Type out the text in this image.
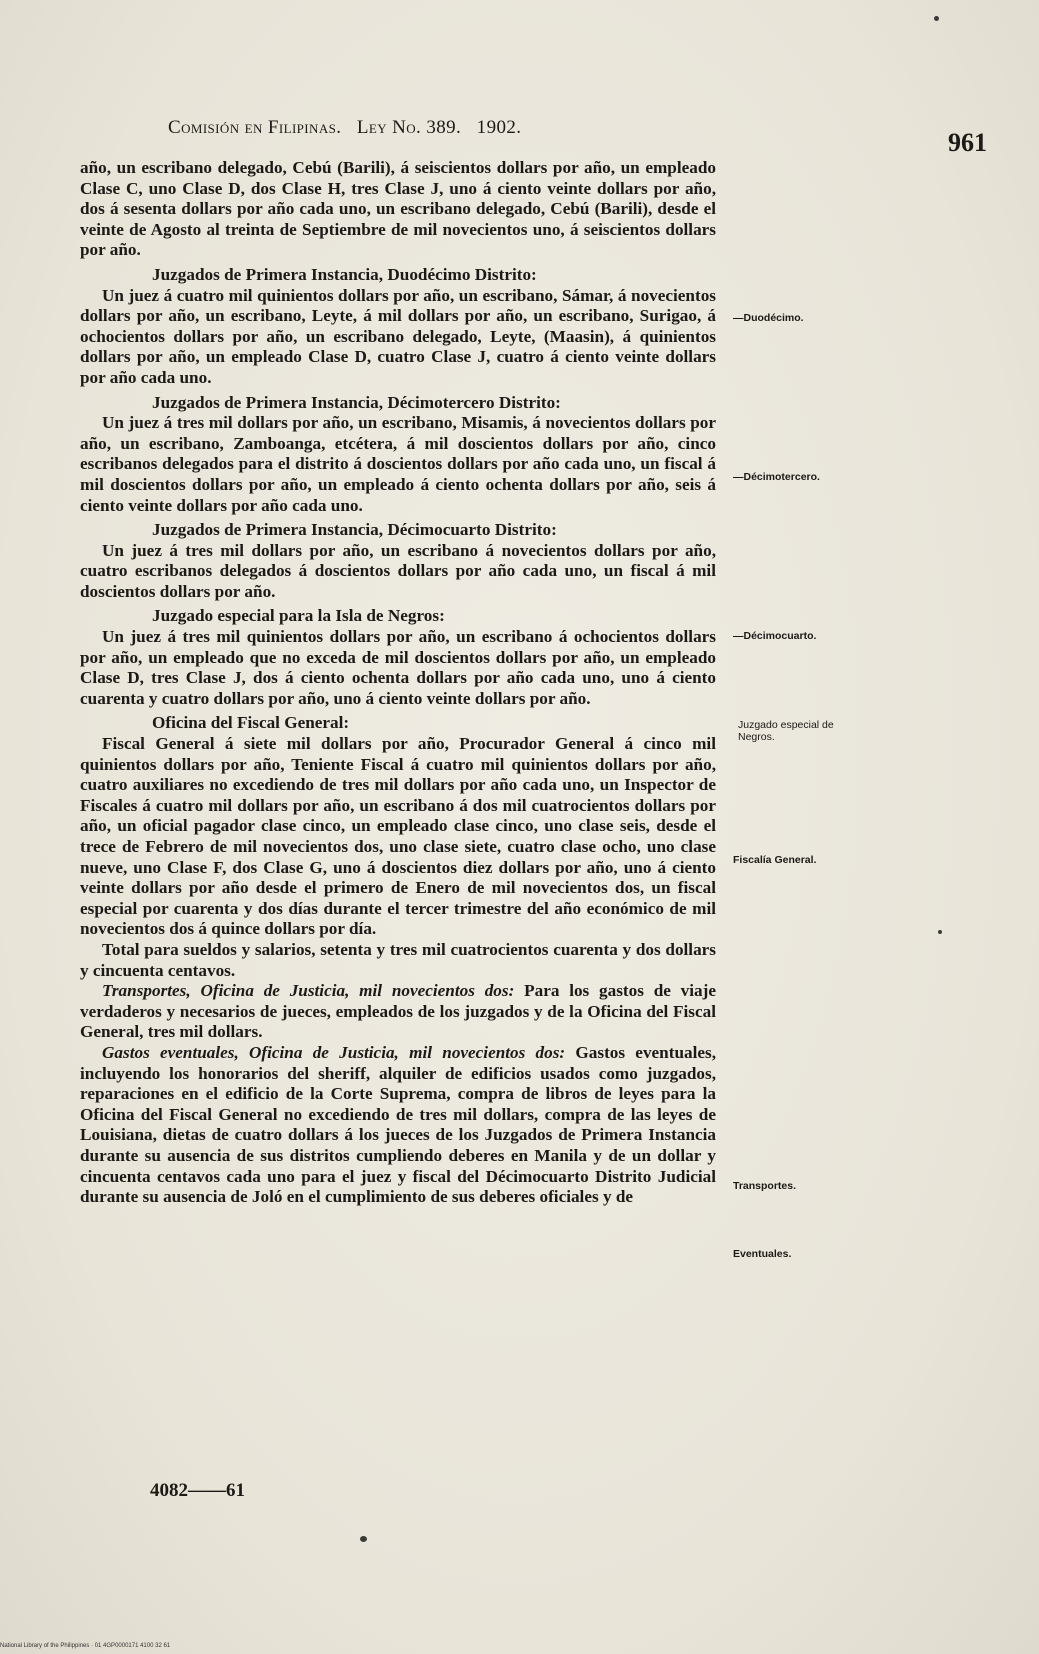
Comisión en Filipinas. Ley No. 389. 1902.
961

año, un escribano delegado, Cebú (Barili), á seiscientos dollars por año, un empleado Clase C, uno Clase D, dos Clase H, tres Clase J, uno á ciento veinte dollars por año, dos á sesenta dollars por año cada uno, un escribano delegado, Cebú (Barili), desde el veinte de Agosto al treinta de Septiembre de mil novecientos uno, á seiscientos dollars por año.

Juzgados de Primera Instancia, Duodécimo Distrito:

Un juez á cuatro mil quinientos dollars por año, un escribano, Sámar, á novecientos dollars por año, un escribano, Leyte, á mil dollars por año, un escribano, Surigao, á ochocientos dollars por año, un escribano delegado, Leyte, (Maasin), á quinientos dollars por año, un empleado Clase D, cuatro Clase J, cuatro á ciento veinte dollars por año cada uno.

Juzgados de Primera Instancia, Décimotercero Distrito:

Un juez á tres mil dollars por año, un escribano, Misamis, á novecientos dollars por año, un escribano, Zamboanga, etcétera, á mil doscientos dollars por año, cinco escribanos delegados para el distrito á doscientos dollars por año cada uno, un fiscal á mil doscientos dollars por año, un empleado á ciento ochenta dollars por año, seis á ciento veinte dollars por año cada uno.

Juzgados de Primera Instancia, Décimocuarto Distrito:

Un juez á tres mil dollars por año, un escribano á novecientos dollars por año, cuatro escribanos delegados á doscientos dollars por año cada uno, un fiscal á mil doscientos dollars por año.

Juzgado especial para la Isla de Negros:

Un juez á tres mil quinientos dollars por año, un escribano á ochocientos dollars por año, un empleado que no exceda de mil doscientos dollars por año, un empleado Clase D, tres Clase J, dos á ciento ochenta dollars por año cada uno, uno á ciento cuarenta y cuatro dollars por año, uno á ciento veinte dollars por año.

Oficina del Fiscal General:

Fiscal General á siete mil dollars por año, Procurador General á cinco mil quinientos dollars por año, Teniente Fiscal á cuatro mil quinientos dollars por año, cuatro auxiliares no excediendo de tres mil dollars por año cada uno, un Inspector de Fiscales á cuatro mil dollars por año, un escribano á dos mil cuatrocientos dollars por año, un oficial pagador clase cinco, un empleado clase cinco, uno clase seis, desde el trece de Febrero de mil novecientos dos, uno clase siete, cuatro clase ocho, uno clase nueve, uno Clase F, dos Clase G, uno á doscientos diez dollars por año, uno á ciento veinte dollars por año desde el primero de Enero de mil novecientos dos, un fiscal especial por cuarenta y dos días durante el tercer trimestre del año económico de mil novecientos dos á quince dollars por día.

Total para sueldos y salarios, setenta y tres mil cuatrocientos cuarenta y dos dollars y cincuenta centavos.

Transportes, Oficina de Justicia, mil novecientos dos: Para los gastos de viaje verdaderos y necesarios de jueces, empleados de los juzgados y de la Oficina del Fiscal General, tres mil dollars.

Gastos eventuales, Oficina de Justicia, mil novecientos dos: Gastos eventuales, incluyendo los honorarios del sheriff, alquiler de edificios usados como juzgados, reparaciones en el edificio de la Corte Suprema, compra de libros de leyes para la Oficina del Fiscal General no excediendo de tres mil dollars, compra de las leyes de Louisiana, dietas de cuatro dollars á los jueces de los Juzgados de Primera Instancia durante su ausencia de sus distritos cumpliendo deberes en Manila y de un dollar y cincuenta centavos cada uno para el juez y fiscal del Décimocuarto Distrito Judicial durante su ausencia de Joló en el cumplimiento de sus deberes oficiales y de

—Duodécimo.
—Décimotercero.
—Décimocuarto.
Juzgado especial de Negros.
Fiscalía General.
Transportes.
Eventuales.
4082——61
National Library of the Philippines · 01 4GP0000171 4100 32 61
